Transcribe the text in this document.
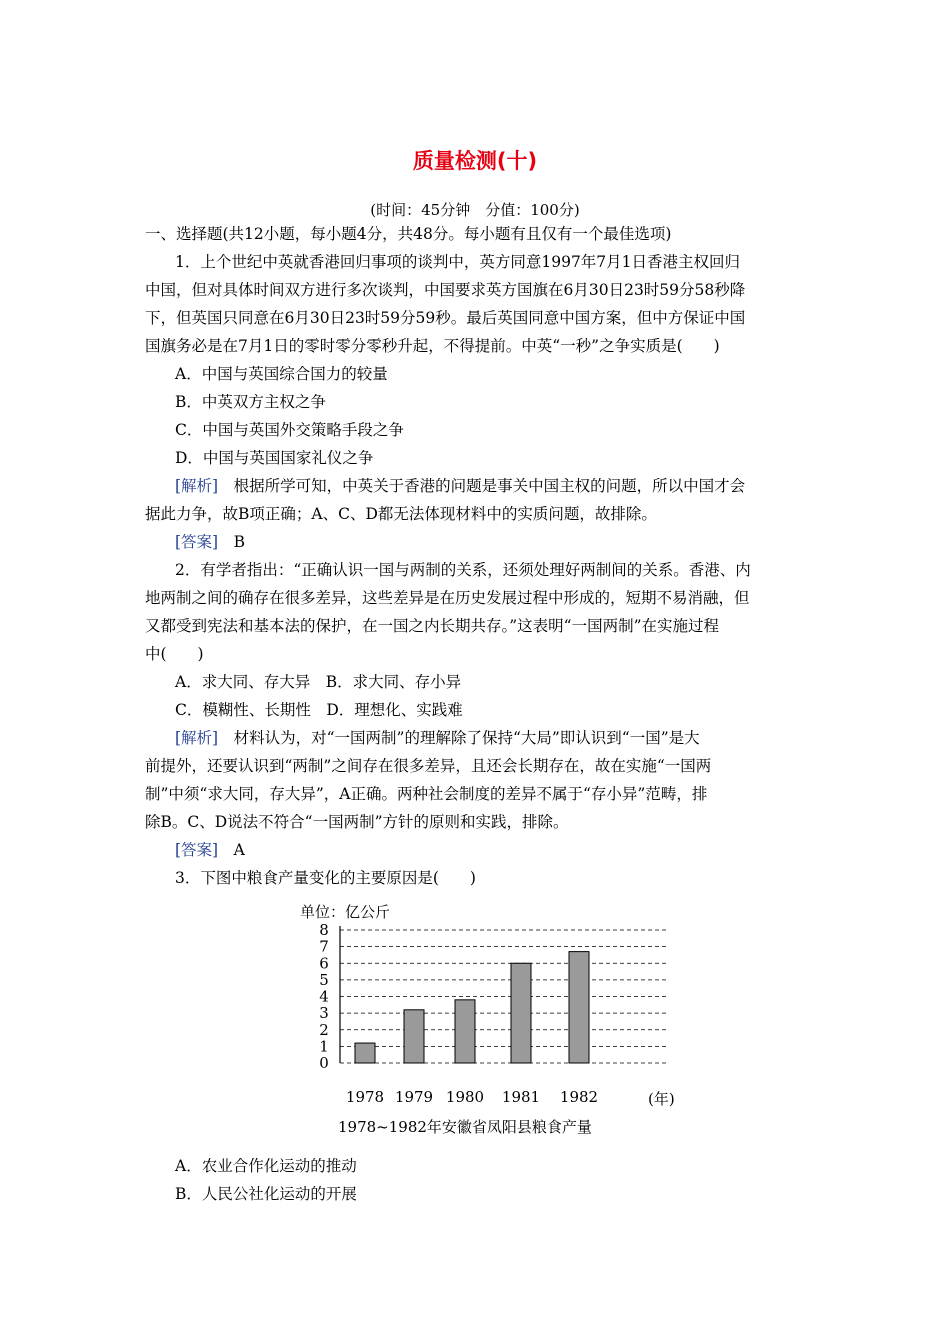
质量检测(十)
(时间：45分钟　分值：100分)
一、选择题(共12小题，每小题4分，共48分。每小题有且仅有一个最佳选项)
1．上个世纪中英就香港回归事项的谈判中，英方同意1997年7月1日香港主权回归
中国，但对具体时间双方进行多次谈判，中国要求英方国旗在6月30日23时59分58秒降
下，但英国只同意在6月30日23时59分59秒。最后英国同意中国方案，但中方保证中国
国旗务必是在7月1日的零时零分零秒升起，不得提前。中英“一秒”之争实质是(　　)
A．中国与英国综合国力的较量
B．中英双方主权之争
C．中国与英国外交策略手段之争
D．中国与英国国家礼仪之争
[解析]　根据所学可知，中英关于香港的问题是事关中国主权的问题，所以中国才会
据此力争，故B项正确；A、C、D都无法体现材料中的实质问题，故排除。
[答案]　B
2．有学者指出：“正确认识一国与两制的关系，还须处理好两制间的关系。香港、内
地两制之间的确存在很多差异，这些差异是在历史发展过程中形成的，短期不易消融，但
又都受到宪法和基本法的保护，在一国之内长期共存。”这表明“一国两制”在实施过程
中(　　)
A．求大同、存大异　B．求大同、存小异
C．模糊性、长期性　D．理想化、实践难
[解析]　材料认为，对“一国两制”的理解除了保持“大局”即认识到“一国”是大
前提外，还要认识到“两制”之间存在很多差异，且还会长期存在，故在实施“一国两
制”中须“求大同，存大异”，A正确。两种社会制度的差异不属于“存小异”范畴，排
除B。C、D说法不符合“一国两制”方针的原则和实践，排除。
[答案]　A
3．下图中粮食产量变化的主要原因是(　　)
单位：亿公斤
0
1
2
3
4
5
6
7
8
1978 1979 1980 1981 1982	(年)
1978~1982年安徽省凤阳县粮食产量
A．农业合作化运动的推动
B．人民公社化运动的开展
